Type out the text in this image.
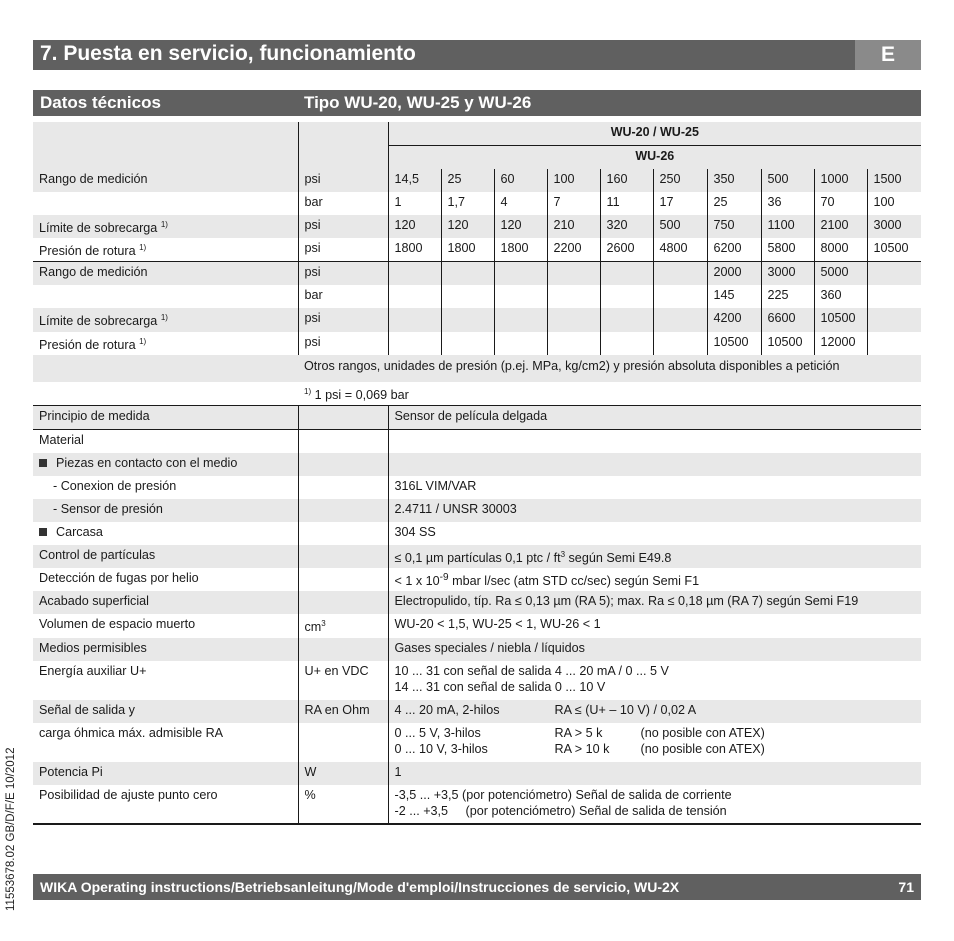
7. Puesta en servicio, funcionamiento	E
Datos técnicos	Tipo WU-20, WU-25 y WU-26
		WU-20 / WU-25									
		WU-26									
Rango de medición	psi	14,5	25	60	100	160	250	350	500	1000	1500
	bar	1	1,7	4	7	11	17	25	36	70	100
Límite de sobrecarga $^{1)}$	psi	120	120	120	210	320	500	750	1100	2100	3000
Presión de rotura $^{1)}$	psi	1800	1800	1800	2200	2600	4800	6200	5800	8000	10500
Rango de medición	psi							2000	3000	5000	
	bar							145	225	360	
Límite de sobrecarga $^{1)}$	psi							4200	6600	10500	
Presión de rotura $^{1)}$	psi							10500	10500	12000	
	Otros rangos, unidades de presión (p.ej. MPa, kg/cm2) y presión absoluta disponibles a petición										
	$^{1)}$ 1 psi = 0,069 bar										
Principio de medida		Sensor de película delgada									
Material											
Piezas en contacto con el medio											
- Conexion de presión		316L VIM/VAR									
- Sensor de presión		2.4711 / UNSR 30003									
Carcasa		304 SS									
Control de partículas		≤ 0,1 µm partículas 0,1 ptc / $ft^3$ según Semi E49.8									
Detección de fugas por helio		< 1 x $10^{-9}$ mbar l/sec (atm STD cc/sec) según Semi F1									
Acabado superficial		Electropulido, típ. Ra ≤ 0,13 µm (RA 5); max. Ra ≤ 0,18 µm (RA 7) según Semi F19									
Volumen de espacio muerto	$cm^3$	WU-20 < 1,5, WU-25 < 1, WU-26 < 1									
Medios permisibles		Gases speciales / niebla / líquidos									
Energía auxiliar U+	U+ en VDC	10 ... 31 con señal de salida 4 ... 20 mA / 0 ... 5 V
14 ... 31 con señal de salida 0 ... 10 V									

Señal de salida y	RA en Ohm	4 ... 20 mA, 2-hilos RA ≤ (U+ – 10 V) / 0,02 A									
carga óhmica máx. admisible RA		0 ... 5 V, 3-hilos RA > 5 k (no posible con ATEX)
0 ... 10 V, 3-hilos RA > 10 k (no posible con ATEX)									

Potencia Pi	W	1									
Posibilidad de ajuste punto cero	%	-3,5 ... +3,5 (por potenciómetro) Señal de salida de corriente
-2 ... +3,5     (por potenciómetro) Señal de salida de tensión									
11553678.02 GB/D/F/E 10/2012 WIKA Operating instructions/Betriebsanleitung/Mode d'emploi/Instrucciones de servicio, WU-2X	71
